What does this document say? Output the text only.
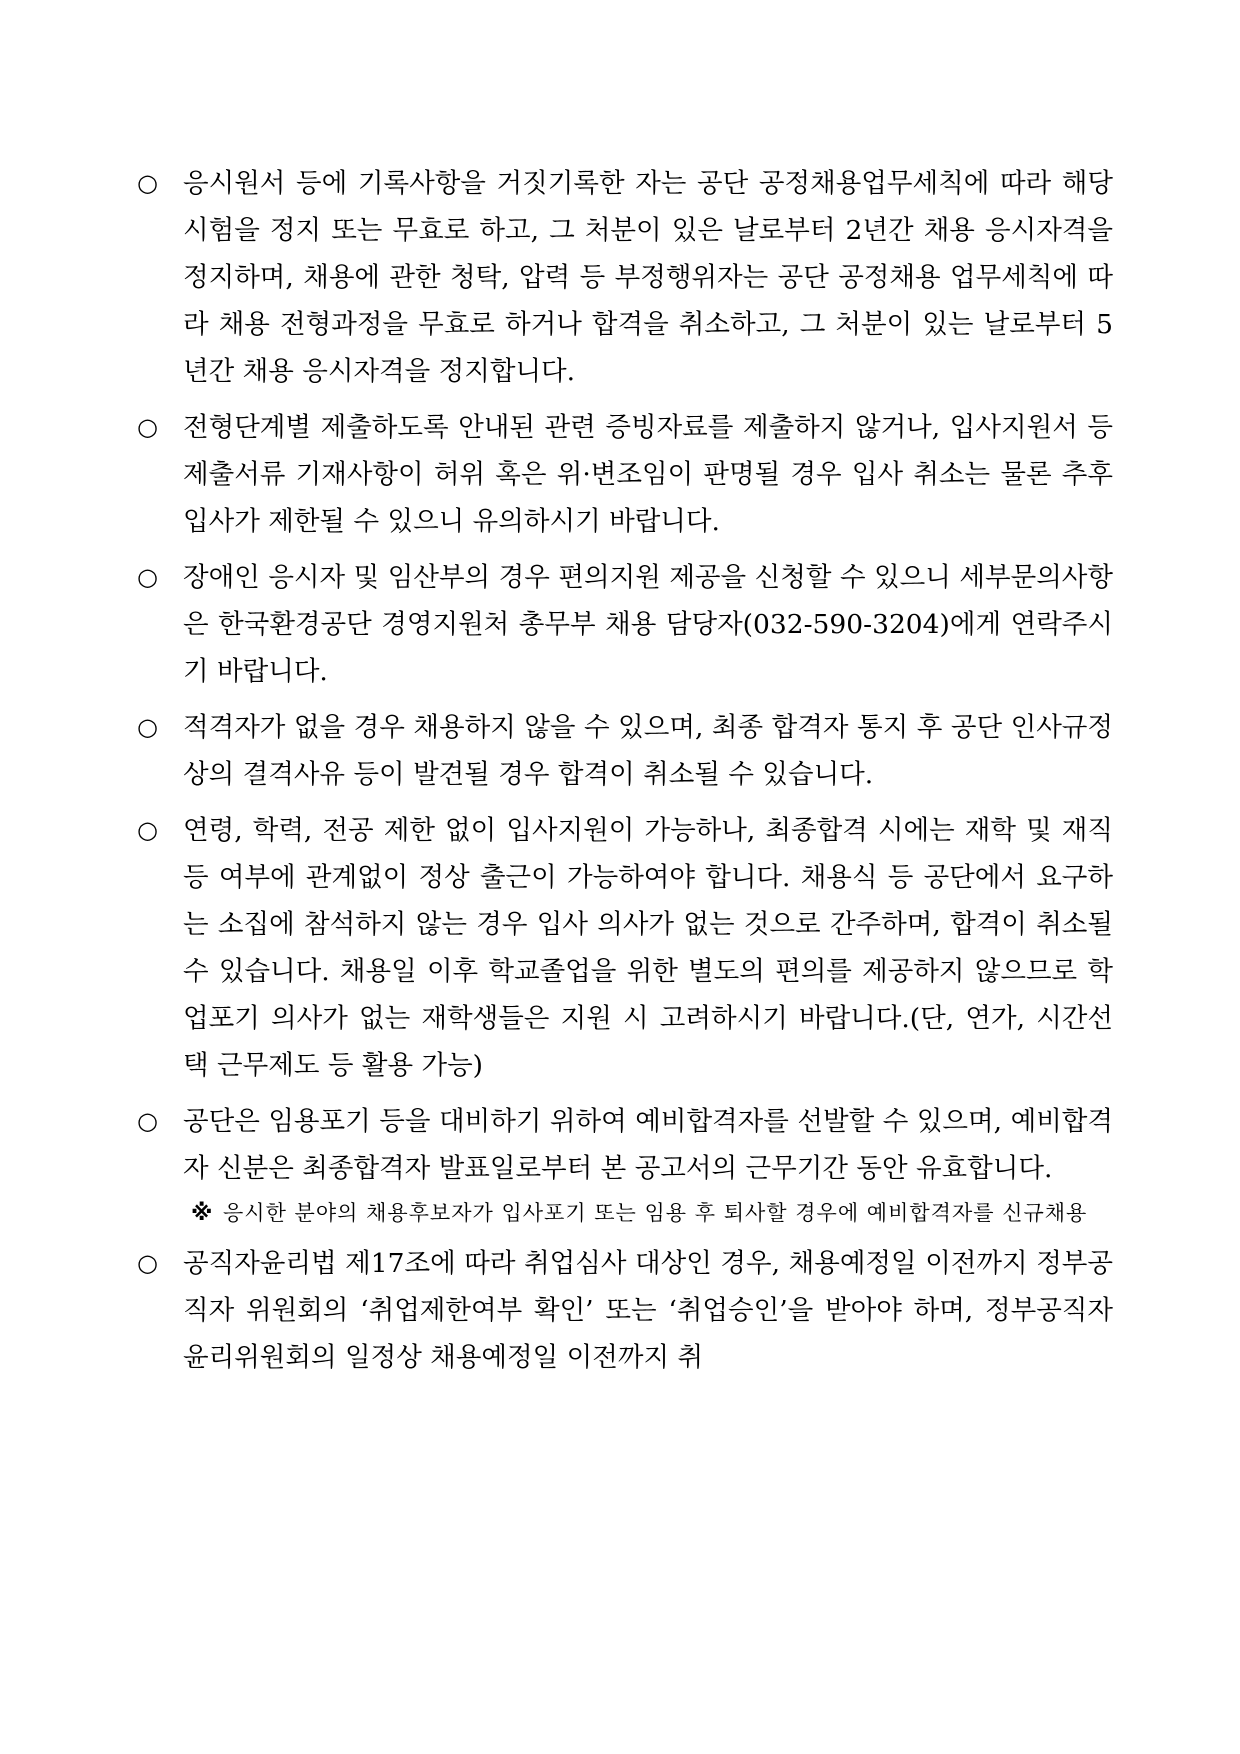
○ 응시원서 등에 기록사항을 거짓기록한 자는 공단 공정채용업무세칙에 따라 해당 시험을 정지 또는 무효로 하고, 그 처분이 있은 날로부터 2년간 채용 응시자격을 정지하며, 채용에 관한 청탁, 압력 등 부정행위자는 공단 공정채용 업무세칙에 따라 채용 전형과정을 무효로 하거나 합격을 취소하고, 그 처분이 있는 날로부터 5년간 채용 응시자격을 정지합니다.
○ 전형단계별 제출하도록 안내된 관련 증빙자료를 제출하지 않거나, 입사지원서 등 제출서류 기재사항이 허위 혹은 위·변조임이 판명될 경우 입사 취소는 물론 추후 입사가 제한될 수 있으니 유의하시기 바랍니다.
○ 장애인 응시자 및 임산부의 경우 편의지원 제공을 신청할 수 있으니 세부문의사항은 한국환경공단 경영지원처 총무부 채용 담당자(032-590-3204)에게 연락주시기 바랍니다.
○ 적격자가 없을 경우 채용하지 않을 수 있으며, 최종 합격자 통지 후 공단 인사규정 상의 결격사유 등이 발견될 경우 합격이 취소될 수 있습니다.
○ 연령, 학력, 전공 제한 없이 입사지원이 가능하나, 최종합격 시에는 재학 및 재직 등 여부에 관계없이 정상 출근이 가능하여야 합니다. 채용식 등 공단에서 요구하는 소집에 참석하지 않는 경우 입사 의사가 없는 것으로 간주하며, 합격이 취소될 수 있습니다. 채용일 이후 학교졸업을 위한 별도의 편의를 제공하지 않으므로 학업포기 의사가 없는 재학생들은 지원 시 고려하시기 바랍니다.(단, 연가, 시간선택 근무제도 등 활용 가능)
○ 공단은 임용포기 등을 대비하기 위하여 예비합격자를 선발할 수 있으며, 예비합격자 신분은 최종합격자 발표일로부터 본 공고서의 근무기간 동안 유효합니다.
※ 응시한 분야의 채용후보자가 입사포기 또는 임용 후 퇴사할 경우에 예비합격자를 신규채용
○ 공직자윤리법 제17조에 따라 취업심사 대상인 경우, 채용예정일 이전까지 정부공직자 위원회의 ‘취업제한여부 확인’ 또는 ‘취업승인’을 받아야 하며, 정부공직자 윤리위원회의 일정상 채용예정일 이전까지 취
